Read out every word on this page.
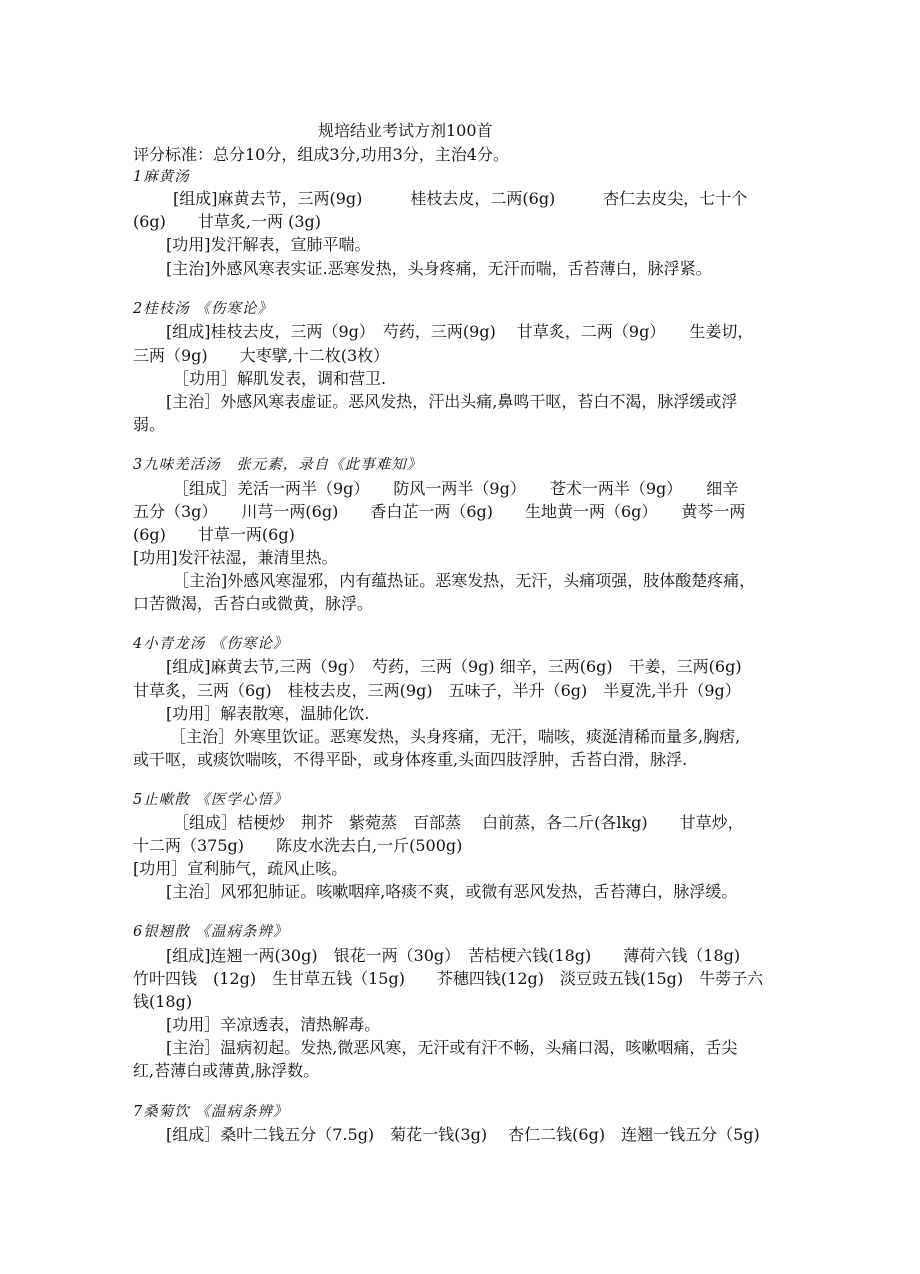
规培结业考试方剂100首
评分标准：总分10分，组成3分,功用3分，主治4分。
1麻黄汤
[组成]麻黄去节，三两(9g)　　　桂枝去皮，二两(6g)　　　杏仁去皮尖，七十个
(6g)　　甘草炙,一两 (3g)
[功用]发汗解表，宣肺平喘。
[主治]外感风寒表实证.恶寒发热，头身疼痛，无汗而喘，舌苔薄白，脉浮紧。
2桂枝汤 《伤寒论》
[组成]桂枝去皮，三两（9g）　芍药，三两(9g)　 甘草炙，二两（9g）　　生姜切，
三两（9g)　　大枣擘,十二枚(3枚）
［功用］解肌发表，调和营卫.
[主治］外感风寒表虚证。恶风发热，汗出头痛,鼻鸣干呕，苔白不渴，脉浮缓或浮
弱。
3九味羌活汤　张元素，录自《此事难知》
［组成］羌活一两半（9g）　　防风一两半（9g）　　苍术一两半（9g）　　细辛
五分（3g）　　川芎一两(6g)　　香白芷一两（6g)　　生地黄一两（6g）　　黄芩一两
(6g)　　甘草一两(6g)
[功用]发汗祛湿，兼清里热。
［主治]外感风寒湿邪，内有蕴热证。恶寒发热，无汗，头痛项强，肢体酸楚疼痛，
口苦微渴，舌苔白或微黄，脉浮。
4小青龙汤 《伤寒论》
[组成]麻黄去节,三两（9g）　芍药，三两（9g) 细辛，三两(6g)　干姜，三两(6g)
甘草炙，三两（6g)　桂枝去皮，三两(9g)　五味子，半升（6g)　半夏洗,半升（9g）
[功用］解表散寒，温肺化饮.
［主治］外寒里饮证。恶寒发热，头身疼痛，无汗，喘咳，痰涎清稀而量多,胸痞,
或干呕，或痰饮喘咳，不得平卧，或身体疼重,头面四肢浮肿，舌苔白滑，脉浮.
5止嗽散 《医学心悟》
［组成］桔梗炒　荆芥　紫菀蒸　百部蒸　 白前蒸，各二斤(各lkg)　　甘草炒，
十二两（375g)　　陈皮水洗去白,一斤(500g)
[功用］宣利肺气，疏风止咳。
[主治］风邪犯肺证。咳嗽咽痒,咯痰不爽，或微有恶风发热，舌苔薄白，脉浮缓。
6银翘散 《温病条辨》
[组成]连翘一两(30g)　银花一两（30g）　苦桔梗六钱(18g)　　薄荷六钱（18g)
竹叶四钱　(12g)　生甘草五钱（15g)　　芥穗四钱(12g)　淡豆豉五钱(15g)　牛蒡子六
钱(18g)
[功用］辛凉透表，清热解毒。
[主治］温病初起。发热,微恶风寒，无汗或有汗不畅，头痛口渴，咳嗽咽痛，舌尖
红,苔薄白或薄黄,脉浮数。
7桑菊饮 《温病条辨》
[组成］桑叶二钱五分（7.5g)　菊花一钱(3g)　 杏仁二钱(6g)　连翘一钱五分（5g)
